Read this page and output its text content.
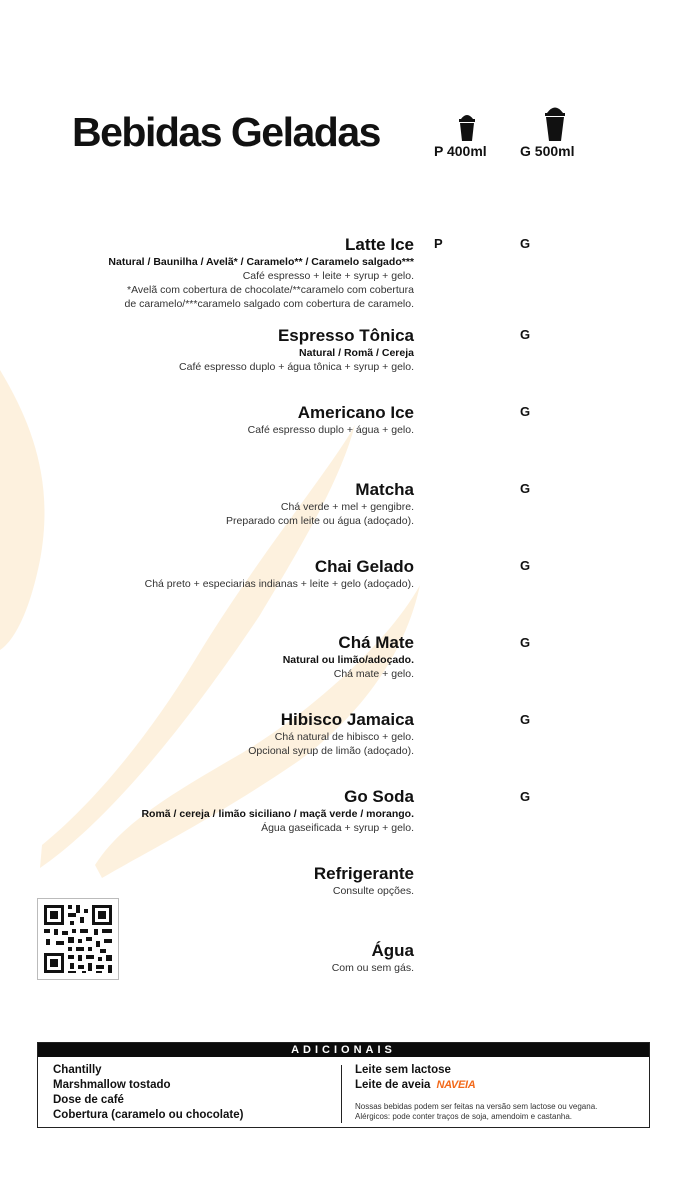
Bebidas Geladas	P 400ml G 500ml
Latte Ice
Natural / Baunilha / Avelã* / Caramelo** / Caramelo salgado***
Café espresso + leite + syrup + gelo.
*Avelã com cobertura de chocolate/**caramelo com cobertura
de caramelo/***caramelo salgado com cobertura de caramelo.
P	G
Espresso Tônica
Natural / Romã / Cereja
Café espresso duplo + água tônica + syrup + gelo.
G
Americano Ice
Café espresso duplo + água + gelo.
G
Matcha
Chá verde + mel + gengibre.
Preparado com leite ou água (adoçado).
G
Chai Gelado
Chá preto + especiarias indianas + leite + gelo (adoçado).
G
Chá Mate
Natural ou limão/adoçado.
Chá mate + gelo.
G
Hibisco Jamaica
Chá natural de hibisco + gelo.
Opcional syrup de limão (adoçado).
G
Go Soda
Romã / cereja / limão siciliano / maçã verde / morango.
Água gaseificada + syrup + gelo.
G
Refrigerante
Consulte opções.
Água
Com ou sem gás.
ADICIONAIS
Chantilly
Marshmallow tostado
Dose de café
Cobertura (caramelo ou chocolate)
Leite sem lactose
Leite de aveia NAVEIA
Nossas bebidas podem ser feitas na versão sem lactose ou vegana.
Alérgicos: pode conter traços de soja, amendoim e castanha.
